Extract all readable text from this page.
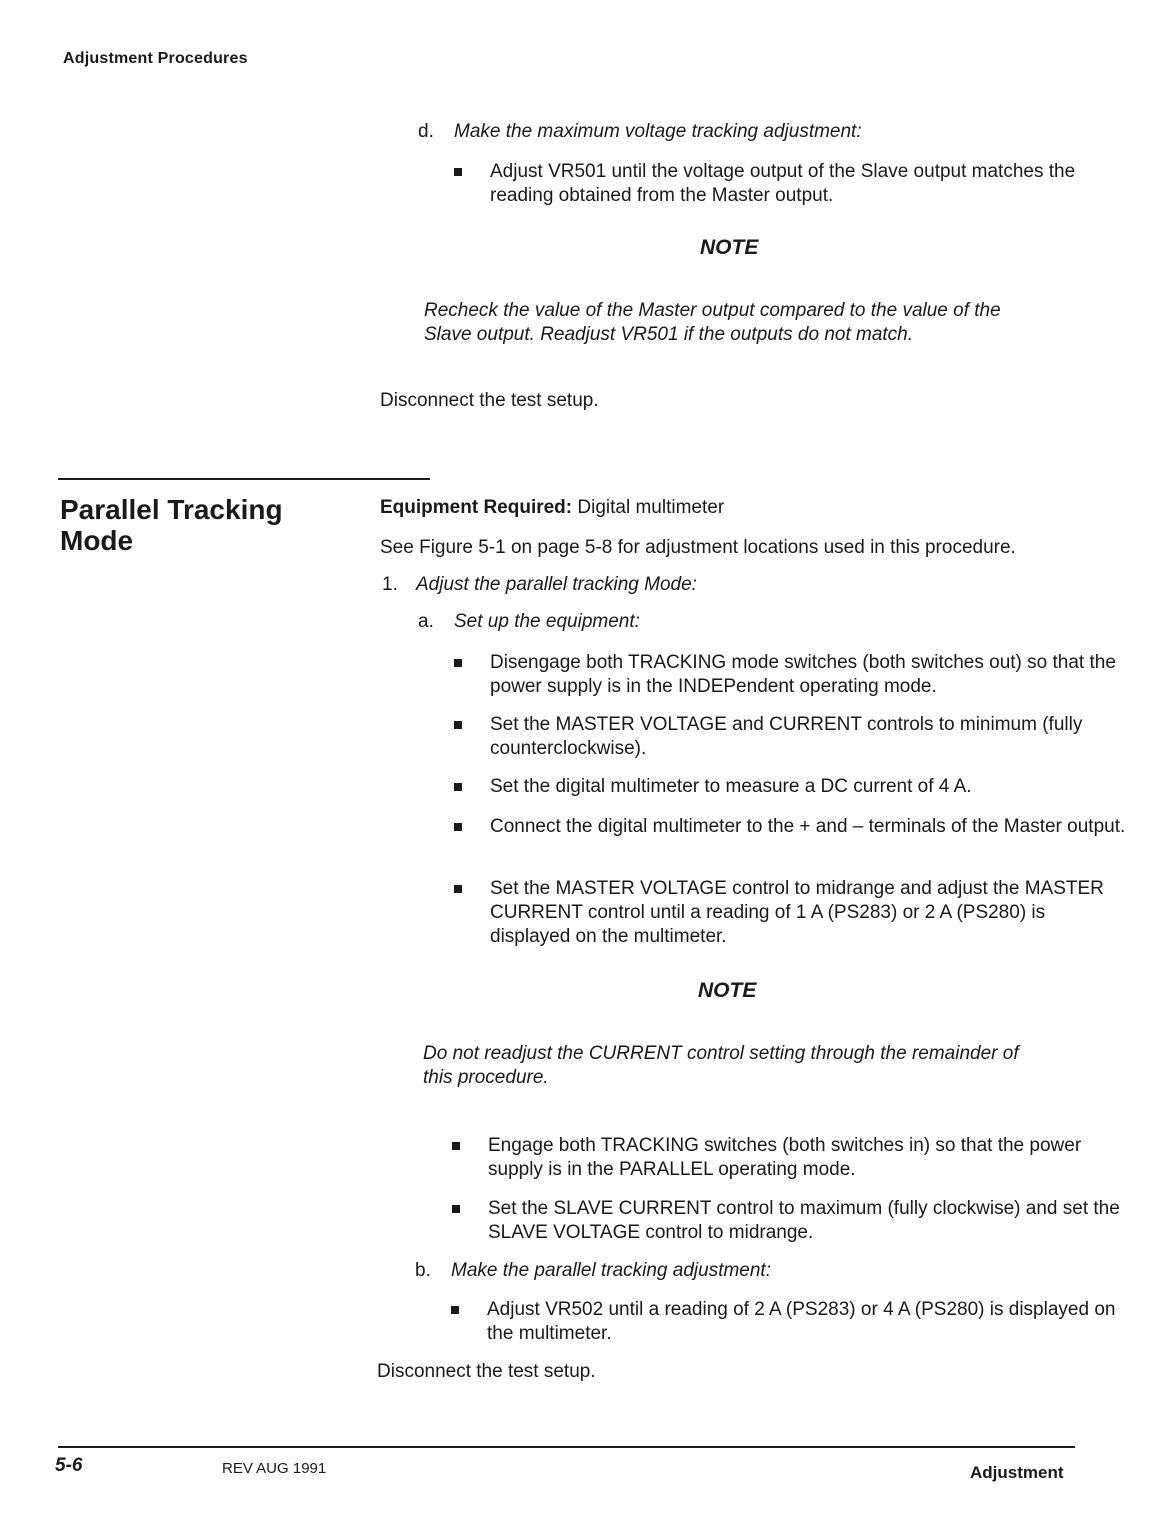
Adjustment Procedures
d. Make the maximum voltage tracking adjustment:
Adjust VR501 until the voltage output of the Slave output matches the reading obtained from the Master output.
NOTE
Recheck the value of the Master output compared to the value of the Slave output. Readjust VR501 if the outputs do not match.
Disconnect the test setup.
Parallel Tracking
Mode
Equipment Required: Digital multimeter
See Figure 5-1 on page 5-8 for adjustment locations used in this procedure.
1. Adjust the parallel tracking Mode:
a. Set up the equipment:
Disengage both TRACKING mode switches (both switches out) so that the power supply is in the INDEPendent operating mode.
Set the MASTER VOLTAGE and CURRENT controls to minimum (fully counterclockwise).
Set the digital multimeter to measure a DC current of 4 A.
Connect the digital multimeter to the + and – terminals of the Master output.
Set the MASTER VOLTAGE control to midrange and adjust the MASTER CURRENT control until a reading of 1 A (PS283) or 2 A (PS280) is displayed on the multimeter.
NOTE
Do not readjust the CURRENT control setting through the remainder of this procedure.
Engage both TRACKING switches (both switches in) so that the power supply is in the PARALLEL operating mode.
Set the SLAVE CURRENT control to maximum (fully clockwise) and set the SLAVE VOLTAGE control to midrange.
b. Make the parallel tracking adjustment:
Adjust VR502 until a reading of 2 A (PS283) or 4 A (PS280) is displayed on the multimeter.
Disconnect the test setup.
5-6	REV AUG 1991	Adjustment
